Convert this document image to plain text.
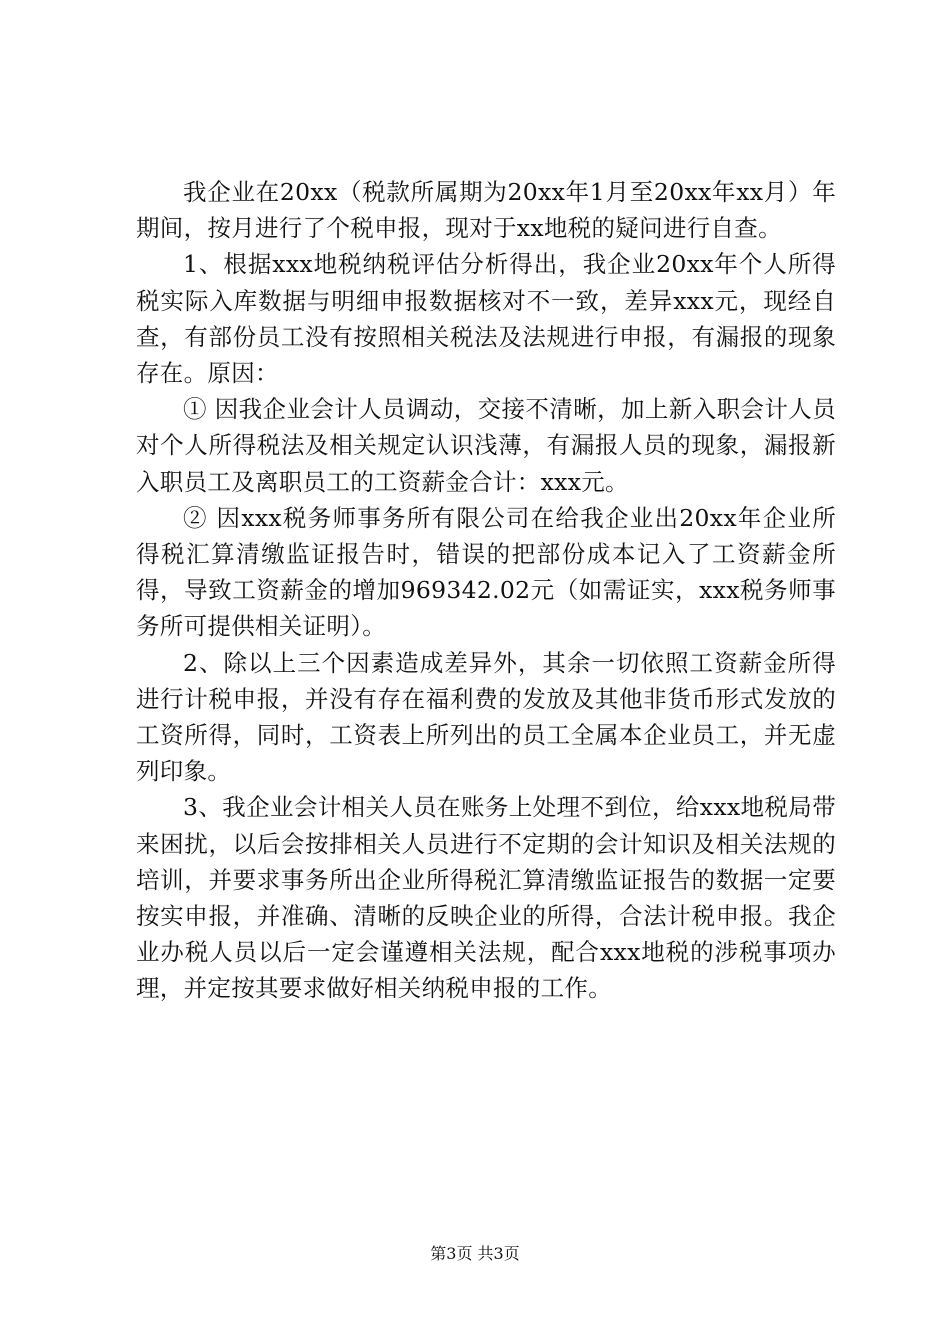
我企业在20xx（税款所属期为20xx年1月至20xx年xx月）年期间，按月进行了个税申报，现对于xx地税的疑问进行自查。

1、根据xxx地税纳税评估分析得出，我企业20xx年个人所得税实际入库数据与明细申报数据核对不一致，差异xxx元，现经自查，有部份员工没有按照相关税法及法规进行申报，有漏报的现象存在。原因：

① 因我企业会计人员调动，交接不清晰，加上新入职会计人员对个人所得税法及相关规定认识浅薄，有漏报人员的现象，漏报新入职员工及离职员工的工资薪金合计：xxx元。

② 因xxx税务师事务所有限公司在给我企业出20xx年企业所得税汇算清缴监证报告时，错误的把部份成本记入了工资薪金所得，导致工资薪金的增加969342.02元（如需证实，xxx税务师事务所可提供相关证明）。

2、除以上三个因素造成差异外，其余一切依照工资薪金所得进行计税申报，并没有存在福利费的发放及其他非货币形式发放的工资所得，同时，工资表上所列出的员工全属本企业员工，并无虚列印象。

3、我企业会计相关人员在账务上处理不到位，给xxx地税局带来困扰，以后会按排相关人员进行不定期的会计知识及相关法规的培训，并要求事务所出企业所得税汇算清缴监证报告的数据一定要按实申报，并准确、清晰的反映企业的所得，合法计税申报。我企业办税人员以后一定会谨遵相关法规，配合xxx地税的涉税事项办理，并定按其要求做好相关纳税申报的工作。

第3页 共3页
